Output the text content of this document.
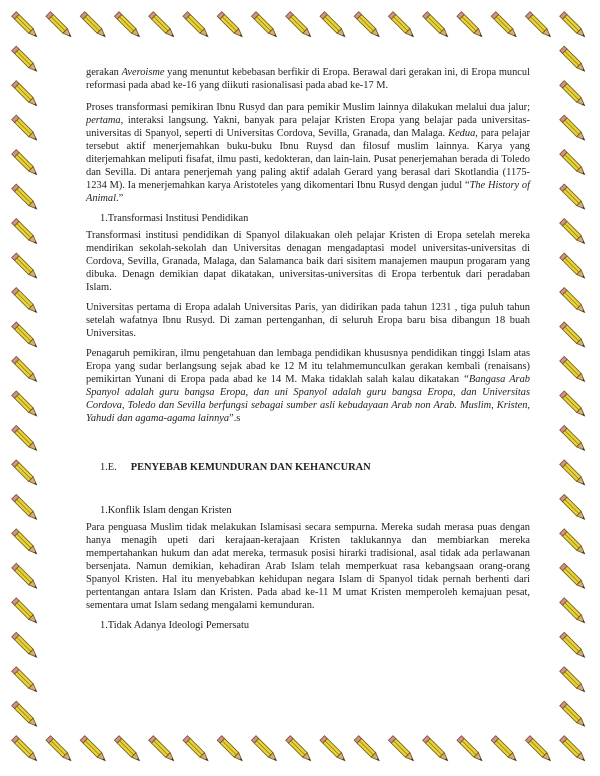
gerakan Averoisme yang menuntut kebebasan berfikir di Eropa. Berawal dari gerakan ini, di Eropa muncul reformasi pada abad ke-16 yang diikuti rasionalisasi pada abad ke-17 M.

Proses transformasi pemikiran Ibnu Rusyd dan para pemikir Muslim lainnya dilakukan melalui dua jalur; pertama, interaksi langsung. Yakni, banyak para pelajar Kristen Eropa yang belajar pada universitas-universitas di Spanyol, seperti di Universitas Cordova, Sevilla, Granada, dan Malaga. Kedua, para pelajar tersebut aktif menerjemahkan buku-buku Ibnu Ruysd dan filosuf muslim lainnya. Karya yang diterjemahkan meliputi fisafat, ilmu pasti, kedokteran, dan lain-lain. Pusat penerjemahan berada di Toledo dan Sevilla. Di antara penerjemah yang paling aktif adalah Gerard yang berasal dari Skotlandia (1175-1234 M). Ia menerjemahkan karya Aristoteles yang dikomentari Ibnu Rusyd dengan judul “The History of Animal.”

1.Transformasi Institusi Pendidikan

Transformasi institusi pendidikan di Spanyol dilakuakan oleh pelajar Kristen di Eropa setelah mereka mendirikan sekolah-sekolah dan Universitas denagan mengadaptasi model universitas-universitas di Cordova, Sevilla, Granada, Malaga, dan Salamanca baik dari sisitem manajemen maupun progaram yang dibuka. Denagn demikian dapat dikatakan, universitas-universitas di Eropa terbentuk dari peradaban Islam.

Universitas pertama di Eropa adalah Universitas Paris, yan didirikan pada tahun 1231 , tiga puluh tahun setelah wafatnya Ibnu Rusyd. Di zaman pertenganhan, di seluruh Eropa baru bisa dibangun 18 buah Universitas.

Penagaruh pemikiran, ilmu pengetahuan dan lembaga pendidikan khususnya pendidikan tinggi Islam atas Eropa yang sudar berlangsung sejak abad ke 12 M itu telahmemunculkan gerakan kembali (renaisans) pemikirtan Yunani di Eropa pada abad ke 14 M. Maka tidaklah salah kalau dikatakan “Bangasa Arab Spanyol adalah guru bangsa Eropa, dan uni Spanyol adalah guru bangsa Eropa, dan Universitas Cordova, Toledo dan Sevilla berfungsi sebagai sumber asli kebudayaan Arab non Arab. Muslim, Kristen, Yahudi dan agama-agama lainnya”.s

1.E. PENYEBAB KEMUNDURAN DAN KEHANCURAN
1.Konflik Islam dengan Kristen

Para penguasa Muslim tidak melakukan Islamisasi secara sempurna. Mereka sudah merasa puas dengan hanya menagih upeti dari kerajaan-kerajaan Kristen taklukannya dan membiarkan mereka mempertahankan hukum dan adat mereka, termasuk posisi hirarki tradisional, asal tidak ada perlawanan bersenjata. Namun demikian, kehadiran Arab Islam telah memperkuat rasa kebangsaan orang-orang Spanyol Kristen. Hal itu menyebabkan kehidupan negara Islam di Spanyol tidak pernah berhenti dari pertentangan antara Islam dan Kristen. Pada abad ke-11 M umat Kristen memperoleh kemajuan pesat, sementara umat Islam sedang mengalami kemunduran.

1.Tidak Adanya Ideologi Pemersatu
